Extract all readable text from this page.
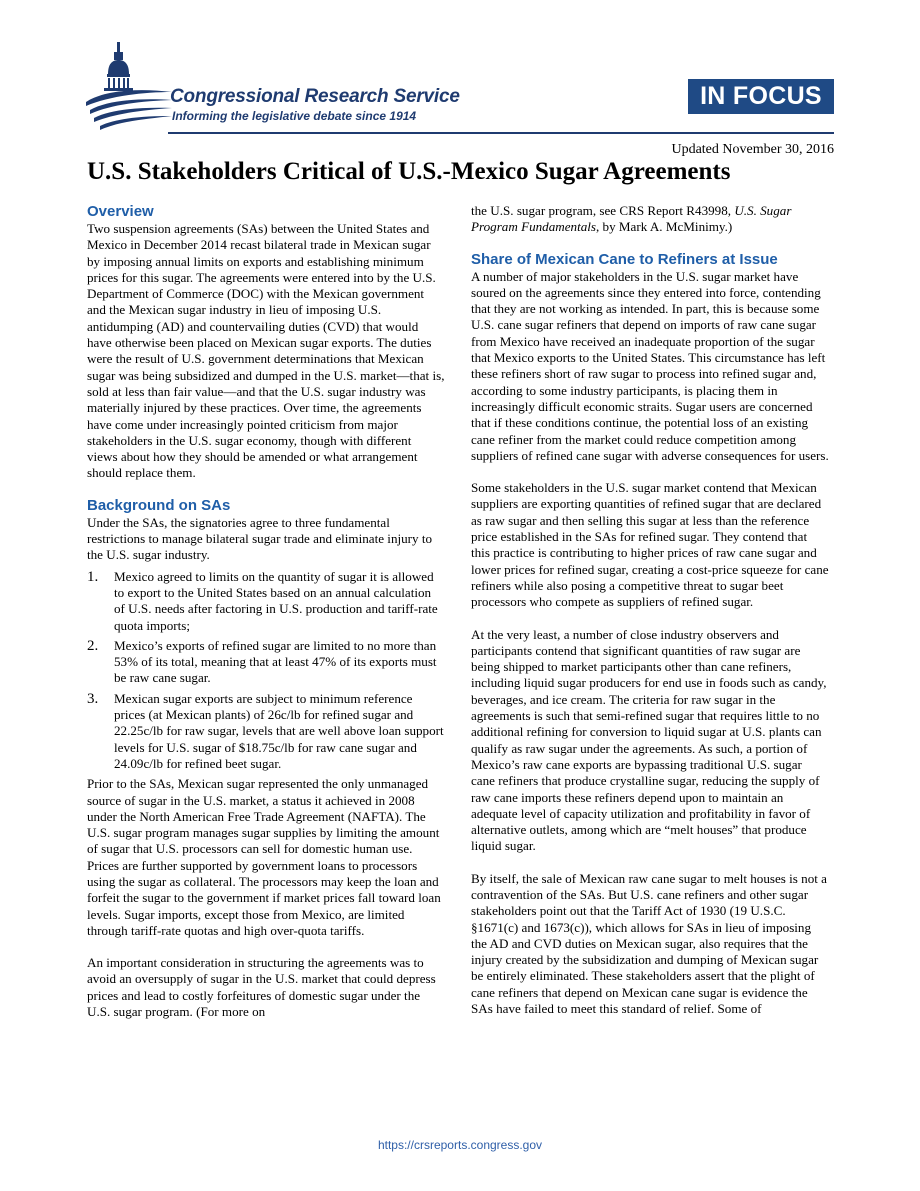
Congressional Research Service
Informing the legislative debate since 1914
IN FOCUS
Updated November 30, 2016
U.S. Stakeholders Critical of U.S.-Mexico Sugar Agreements
Overview

Two suspension agreements (SAs) between the United States and Mexico in December 2014 recast bilateral trade in Mexican sugar by imposing annual limits on exports and establishing minimum prices for this sugar. The agreements were entered into by the U.S. Department of Commerce (DOC) with the Mexican government and the Mexican sugar industry in lieu of imposing U.S. antidumping (AD) and countervailing duties (CVD) that would have otherwise been placed on Mexican sugar exports. The duties were the result of U.S. government determinations that Mexican sugar was being subsidized and dumped in the U.S. market—that is, sold at less than fair value—and that the U.S. sugar industry was materially injured by these practices. Over time, the agreements have come under increasingly pointed criticism from major stakeholders in the U.S. sugar economy, though with different views about how they should be amended or what arrangement should replace them.

Background on SAs

Under the SAs, the signatories agree to three fundamental restrictions to manage bilateral sugar trade and eliminate injury to the U.S. sugar industry.

1. Mexico agreed to limits on the quantity of sugar it is allowed to export to the United States based on an annual calculation of U.S. needs after factoring in U.S. production and tariff-rate quota imports;
2. Mexico’s exports of refined sugar are limited to no more than 53% of its total, meaning that at least 47% of its exports must be raw cane sugar.
3. Mexican sugar exports are subject to minimum reference prices (at Mexican plants) of 26c/lb for refined sugar and 22.25c/lb for raw sugar, levels that are well above loan support levels for U.S. sugar of $18.75c/lb for raw cane sugar and 24.09c/lb for refined beet sugar.

Prior to the SAs, Mexican sugar represented the only unmanaged source of sugar in the U.S. market, a status it achieved in 2008 under the North American Free Trade Agreement (NAFTA). The U.S. sugar program manages sugar supplies by limiting the amount of sugar that U.S. processors can sell for domestic human use. Prices are further supported by government loans to processors using the sugar as collateral. The processors may keep the loan and forfeit the sugar to the government if market prices fall toward loan levels. Sugar imports, except those from Mexico, are limited through tariff-rate quotas and high over-quota tariffs.

An important consideration in structuring the agreements was to avoid an oversupply of sugar in the U.S. market that could depress prices and lead to costly forfeitures of domestic sugar under the U.S. sugar program. (For more on

the U.S. sugar program, see CRS Report R43998, U.S. Sugar Program Fundamentals, by Mark A. McMinimy.)

Share of Mexican Cane to Refiners at Issue

A number of major stakeholders in the U.S. sugar market have soured on the agreements since they entered into force, contending that they are not working as intended. In part, this is because some U.S. cane sugar refiners that depend on imports of raw cane sugar from Mexico have received an inadequate proportion of the sugar that Mexico exports to the United States. This circumstance has left these refiners short of raw sugar to process into refined sugar and, according to some industry participants, is placing them in increasingly difficult economic straits. Sugar users are concerned that if these conditions continue, the potential loss of an existing cane refiner from the market could reduce competition among suppliers of refined cane sugar with adverse consequences for users.

Some stakeholders in the U.S. sugar market contend that Mexican suppliers are exporting quantities of refined sugar that are declared as raw sugar and then selling this sugar at less than the reference price established in the SAs for refined sugar. They contend that this practice is contributing to higher prices of raw cane sugar and lower prices for refined sugar, creating a cost-price squeeze for cane refiners while also posing a competitive threat to sugar beet processors who compete as suppliers of refined sugar.

At the very least, a number of close industry observers and participants contend that significant quantities of raw sugar are being shipped to market participants other than cane refiners, including liquid sugar producers for end use in foods such as candy, beverages, and ice cream. The criteria for raw sugar in the agreements is such that semi-refined sugar that requires little to no additional refining for conversion to liquid sugar at U.S. plants can qualify as raw sugar under the agreements. As such, a portion of Mexico’s raw cane exports are bypassing traditional U.S. sugar cane refiners that produce crystalline sugar, reducing the supply of raw cane imports these refiners depend upon to maintain an adequate level of capacity utilization and profitability in favor of alternative outlets, among which are “melt houses” that produce liquid sugar.

By itself, the sale of Mexican raw cane sugar to melt houses is not a contravention of the SAs. But U.S. cane refiners and other sugar stakeholders point out that the Tariff Act of 1930 (19 U.S.C. §1671(c) and 1673(c)), which allows for SAs in lieu of imposing the AD and CVD duties on Mexican sugar, also requires that the injury created by the subsidization and dumping of Mexican sugar be entirely eliminated. These stakeholders assert that the plight of cane refiners that depend on Mexican cane sugar is evidence the SAs have failed to meet this standard of relief. Some of

https://crsreports.congress.gov
